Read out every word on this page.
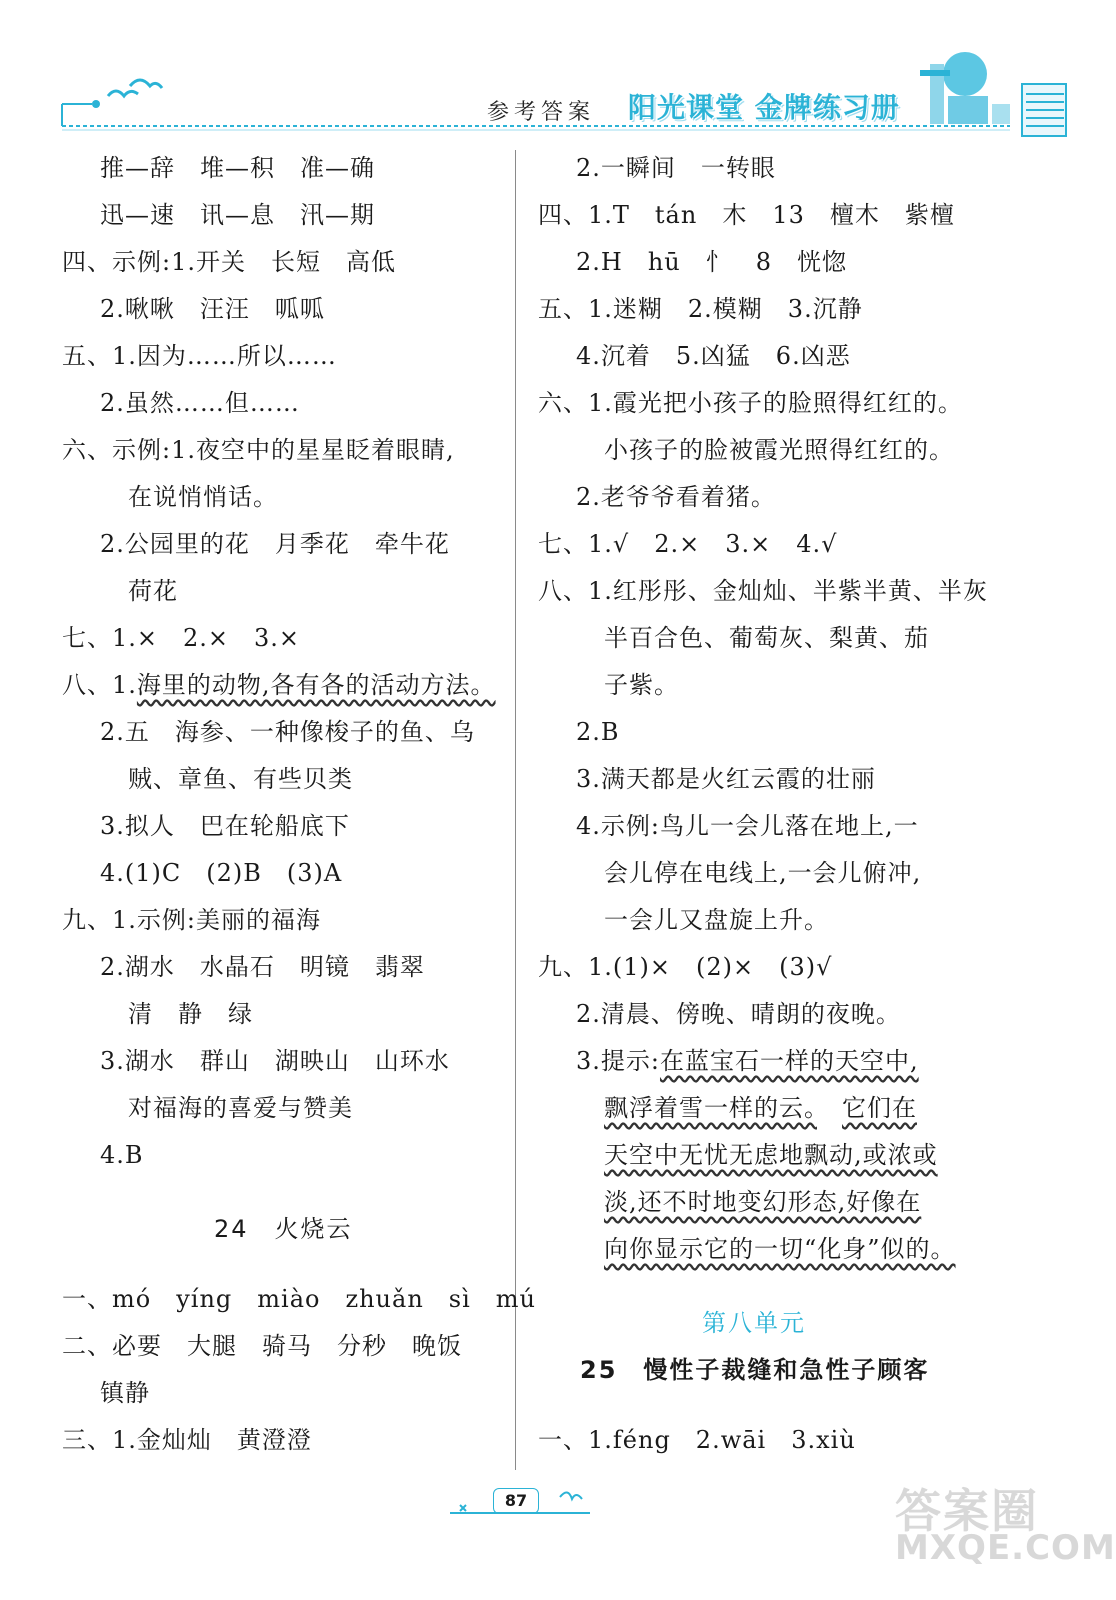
参考答案 阳光课堂 金牌练习册
推—辞　堆—积　准—确
迅—速　讯—息　汛—期
四、示例:1.开关　长短　高低
2.啾啾　汪汪　呱呱
五、1.因为……所以……
2.虽然……但……
六、示例:1.夜空中的星星眨着眼睛,
在说悄悄话。
2.公园里的花　月季花　牵牛花
荷花
七、1.×　2.×　3.×
八、1.海里的动物,各有各的活动方法。
2.五　海参、一种像梭子的鱼、乌
贼、章鱼、有些贝类
3.拟人　巴在轮船底下
4.(1)C　(2)B　(3)A
九、1.示例:美丽的福海
2.湖水　水晶石　明镜　翡翠
清　静　绿
3.湖水　群山　湖映山　山环水
对福海的喜爱与赞美
4.B
24　火烧云
一、mó　yíng　miào　zhuǎn　sì　mú
二、必要　大腿　骑马　分秒　晚饭
镇静
三、1.金灿灿　黄澄澄
2.一瞬间　一转眼
四、1.T　tán　木　13　檀木　紫檀
2.H　hū　忄　8　恍惚
五、1.迷糊　2.模糊　3.沉静
4.沉着　5.凶猛　6.凶恶
六、1.霞光把小孩子的脸照得红红的。
小孩子的脸被霞光照得红红的。
2.老爷爷看着猪。
七、1.√　2.×　3.×　4.√
八、1.红彤彤、金灿灿、半紫半黄、半灰
半百合色、葡萄灰、梨黄、茄
子紫。
2.B
3.满天都是火红云霞的壮丽
4.示例:鸟儿一会儿落在地上,一
会儿停在电线上,一会儿俯冲,
一会儿又盘旋上升。
九、1.(1)×　(2)×　(3)√
2.清晨、傍晚、晴朗的夜晚。
3.提示:在蓝宝石一样的天空中,
飘浮着雪一样的云。　 它们在
天空中无忧无虑地飘动,或浓或
淡,还不时地变幻形态,好像在
向你显示它的一切“化身”似的。
第八单元
25　慢性子裁缝和急性子顾客
一、1.féng　2.wāi　3.xiù
87	答案圈
MXQE.COM
